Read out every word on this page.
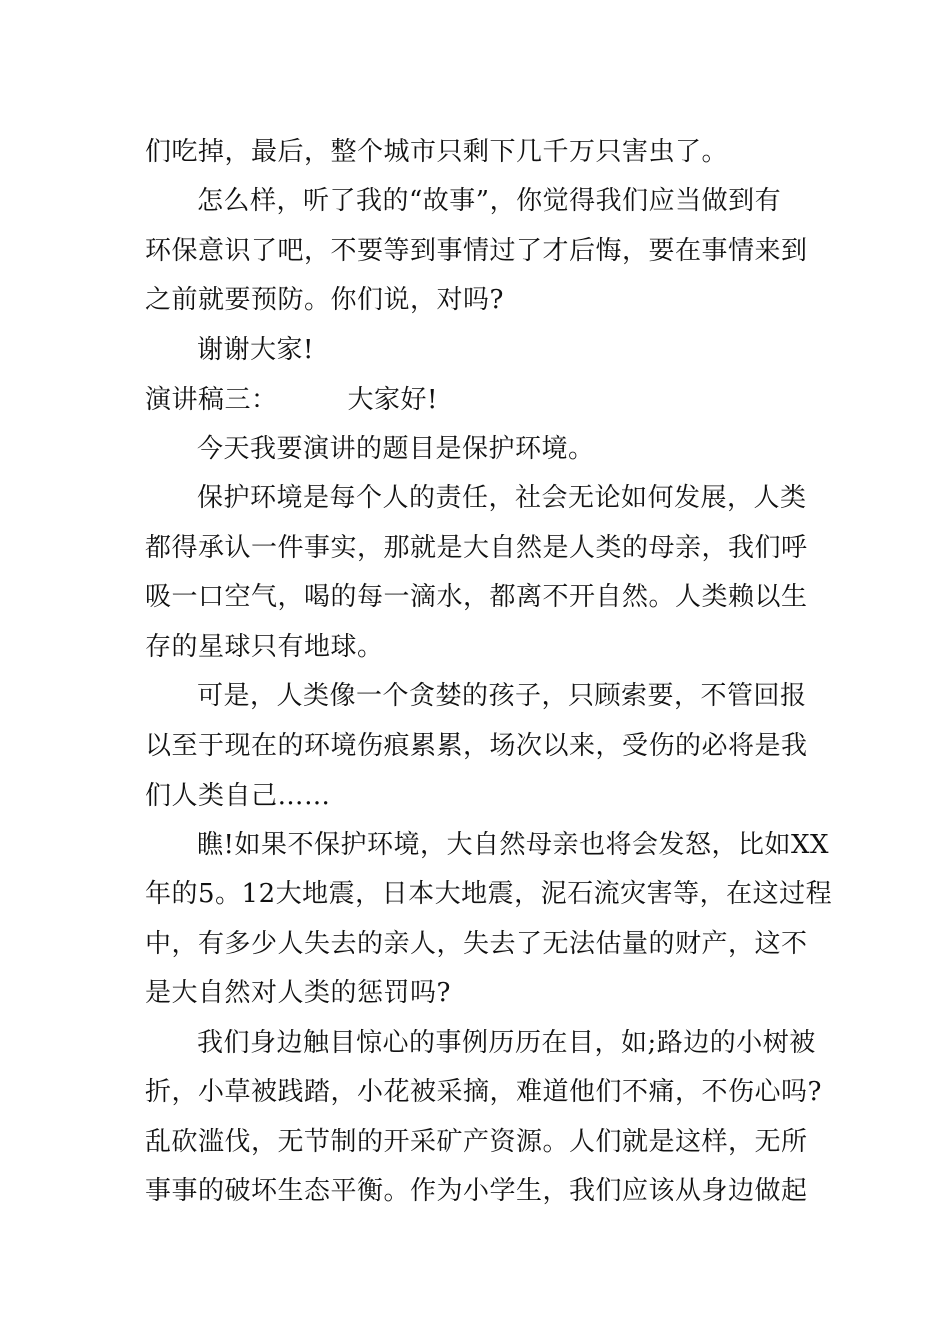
们吃掉，最后，整个城市只剩下几千万只害虫了。
怎么样，听了我的“故事”，你觉得我们应当做到有
环保意识了吧，不要等到事情过了才后悔，要在事情来到
之前就要预防。你们说，对吗?
谢谢大家!
演讲稿三：	大家好!
今天我要演讲的题目是保护环境。
保护环境是每个人的责任，社会无论如何发展，人类
都得承认一件事实，那就是大自然是人类的母亲，我们呼
吸一口空气，喝的每一滴水，都离不开自然。人类赖以生
存的星球只有地球。
可是，人类像一个贪婪的孩子，只顾索要，不管回报
以至于现在的环境伤痕累累，场次以来，受伤的必将是我
们人类自己……
瞧!如果不保护环境，大自然母亲也将会发怒，比如XX
年的5。12大地震，日本大地震，泥石流灾害等，在这过程
中，有多少人失去的亲人，失去了无法估量的财产，这不
是大自然对人类的惩罚吗?
我们身边触目惊心的事例历历在目，如;路边的小树被
折，小草被践踏，小花被采摘，难道他们不痛，不伤心吗?
乱砍滥伐，无节制的开采矿产资源。人们就是这样，无所
事事的破坏生态平衡。作为小学生，我们应该从身边做起
